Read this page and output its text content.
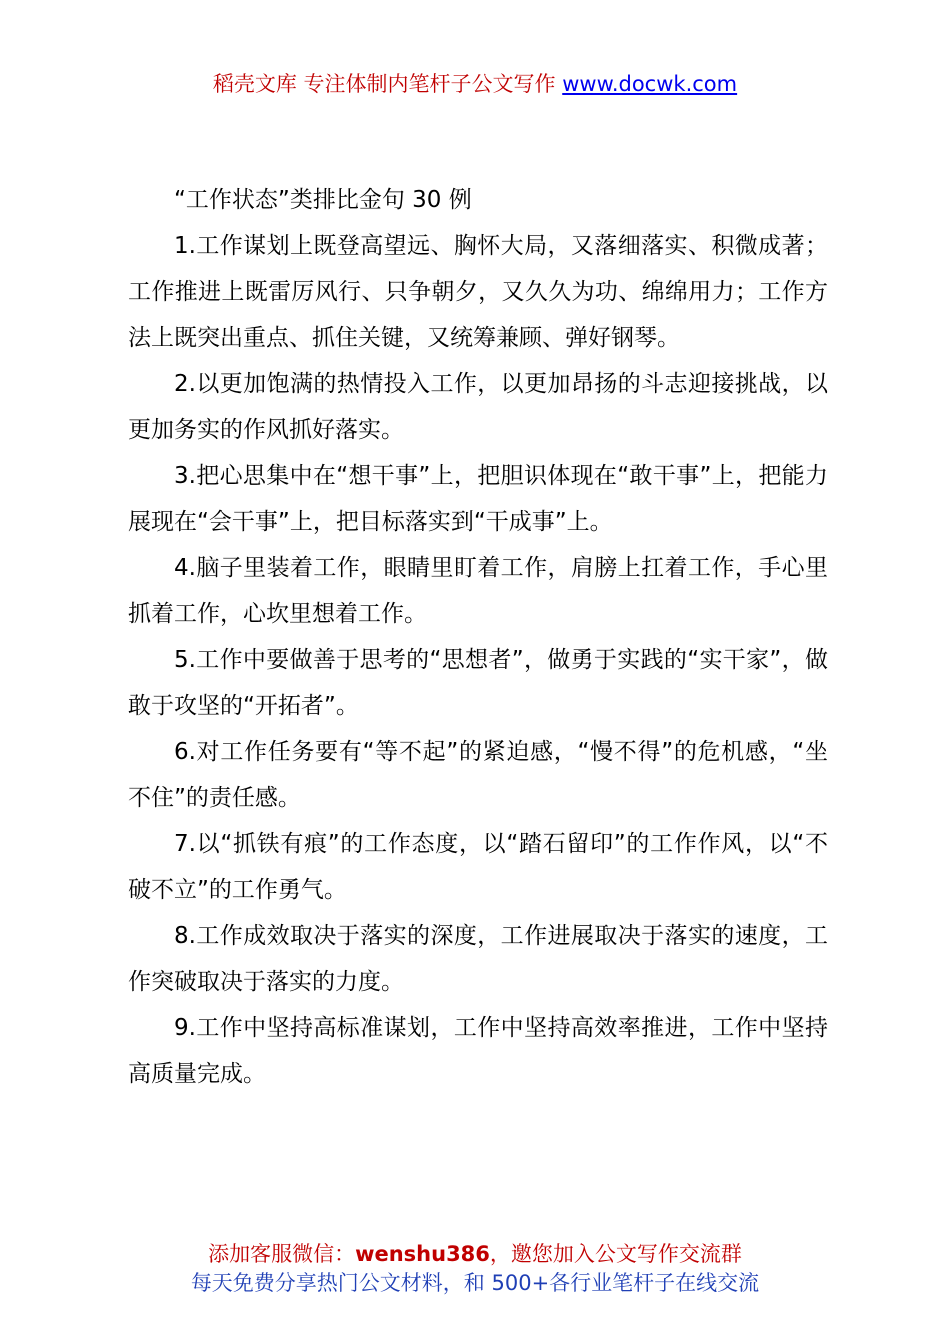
稻壳文库 专注体制内笔杆子公文写作 www.docwk.com

“工作状态”类排比金句 30 例

1.工作谋划上既登高望远、胸怀大局，又落细落实、积微成著；工作推进上既雷厉风行、只争朝夕，又久久为功、绵绵用力；工作方法上既突出重点、抓住关键，又统筹兼顾、弹好钢琴。

2.以更加饱满的热情投入工作，以更加昂扬的斗志迎接挑战，以更加务实的作风抓好落实。

3.把心思集中在“想干事”上，把胆识体现在“敢干事”上，把能力展现在“会干事”上，把目标落实到“干成事”上。

4.脑子里装着工作，眼睛里盯着工作，肩膀上扛着工作，手心里抓着工作，心坎里想着工作。

5.工作中要做善于思考的“思想者”，做勇于实践的“实干家”，做敢于攻坚的“开拓者”。

6.对工作任务要有“等不起”的紧迫感，“慢不得”的危机感，“坐不住”的责任感。

7.以“抓铁有痕”的工作态度，以“踏石留印”的工作作风，以“不破不立”的工作勇气。

8.工作成效取决于落实的深度，工作进展取决于落实的速度，工作突破取决于落实的力度。

9.工作中坚持高标准谋划，工作中坚持高效率推进，工作中坚持高质量完成。

添加客服微信：wenshu386，邀您加入公文写作交流群
每天免费分享热门公文材料，和 500+各行业笔杆子在线交流
